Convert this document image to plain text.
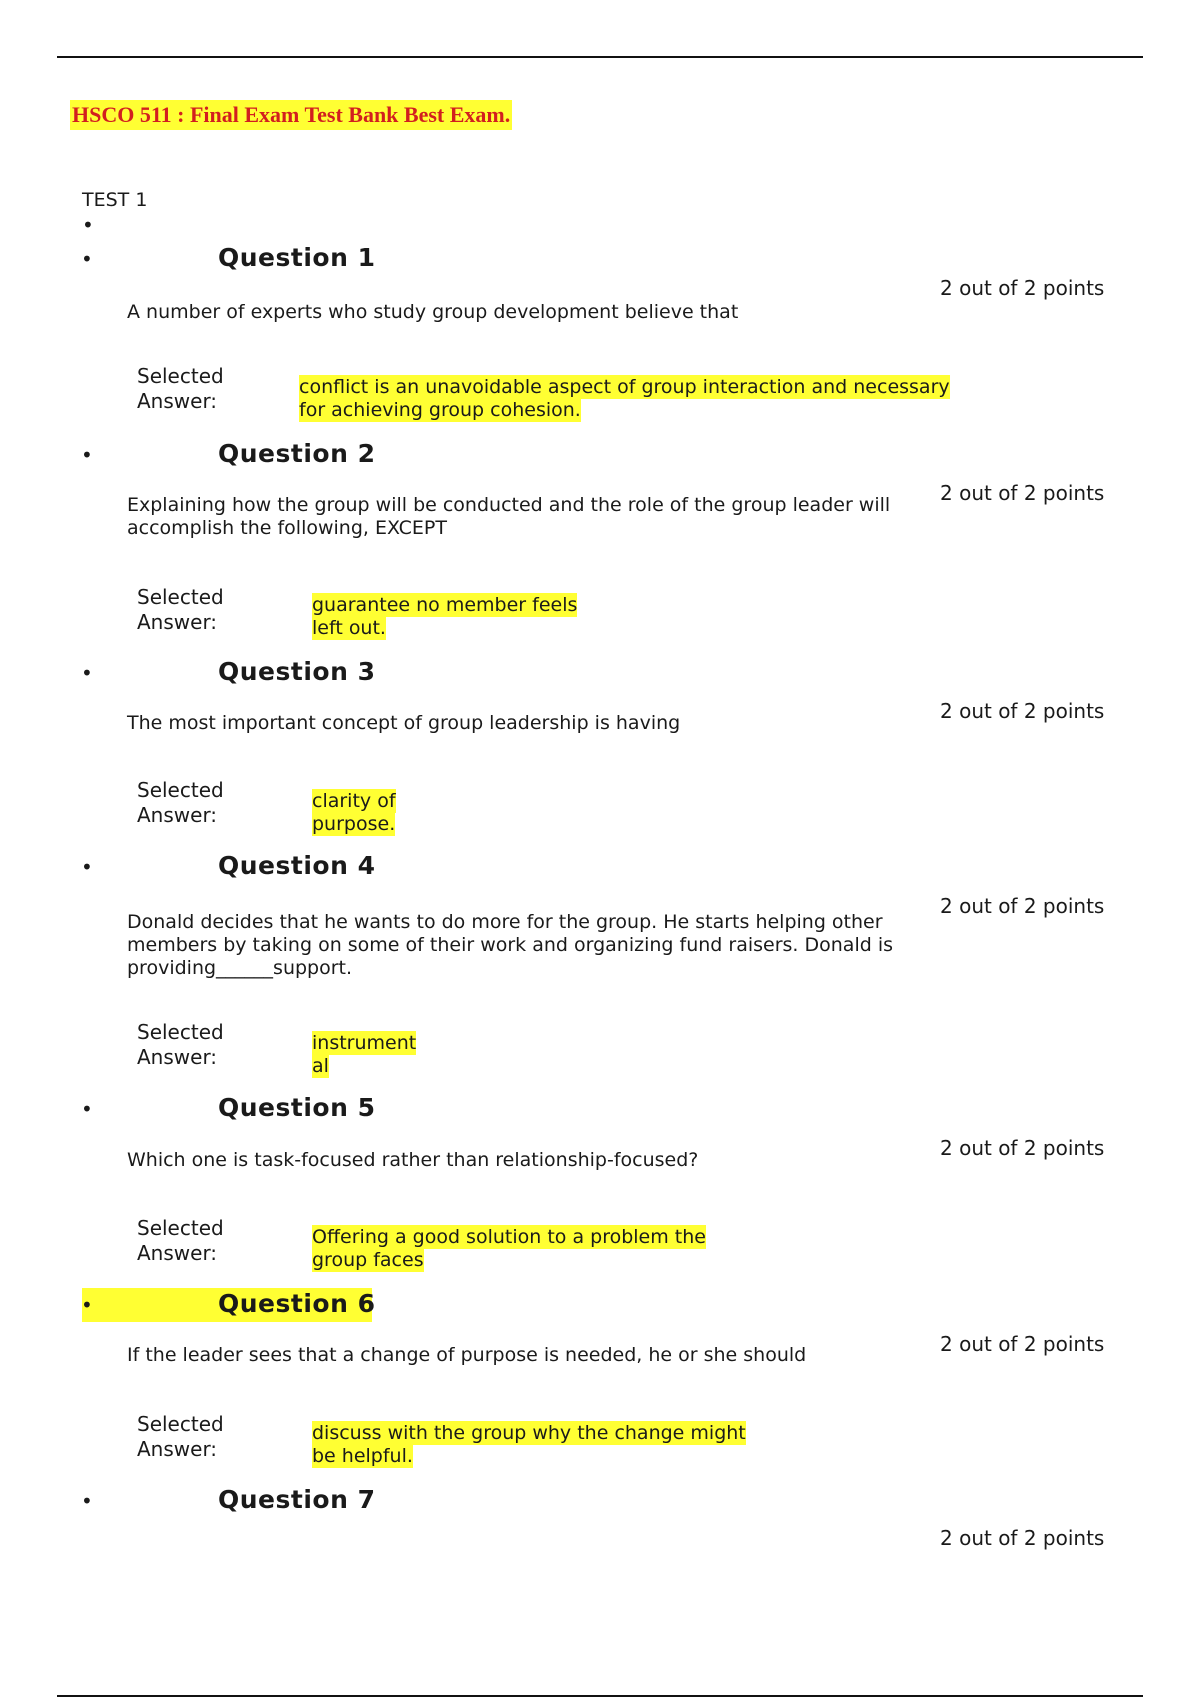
HSCO 511 : Final Exam Test Bank Best Exam.
TEST 1
•
•	Question 1
2 out of 2 points
A number of experts who study group development believe that
Selected Answer:
conflict is an unavoidable aspect of group interaction and necessary
for achieving group cohesion.
•	Question 2
2 out of 2 points
Explaining how the group will be conducted and the role of the group leader will accomplish the following, EXCEPT
Selected Answer:
guarantee no member feels
left out.
•	Question 3
2 out of 2 points
The most important concept of group leadership is having
Selected Answer:
clarity of
purpose.
•	Question 4
2 out of 2 points
Donald decides that he wants to do more for the group. He starts helping other members by taking on some of their work and organizing fund raisers. Donald is providing______support.
Selected Answer:
instrument
al
•	Question 5
2 out of 2 points
Which one is task-focused rather than relationship-focused?
Selected Answer:
Offering a good solution to a problem the
group faces
•	Question 6
2 out of 2 points
If the leader sees that a change of purpose is needed, he or she should
Selected Answer:
discuss with the group why the change might
be helpful.
•	Question 7
2 out of 2 points
